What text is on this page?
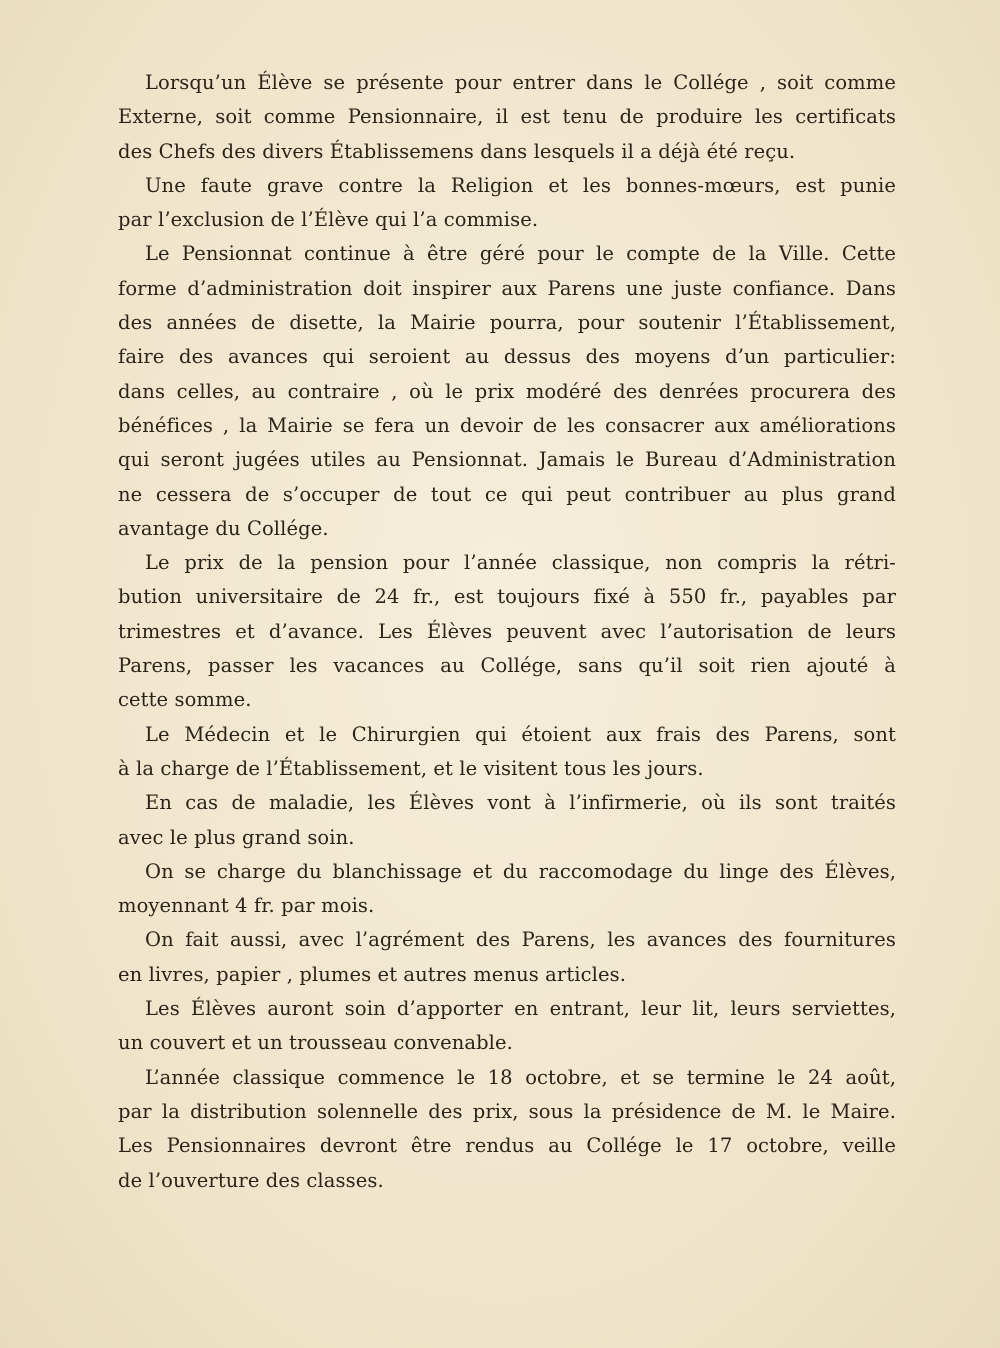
Lorsqu’un Élève se présente pour entrer dans le Collége , soit comme
Externe, soit comme Pensionnaire, il est tenu de produire les certificats
des Chefs des divers Établissemens dans lesquels il a déjà été reçu.
Une faute grave contre la Religion et les bonnes-mœurs, est punie
par l’exclusion de l’Élève qui l’a commise.
Le Pensionnat continue à être géré pour le compte de la Ville. Cette
forme d’administration doit inspirer aux Parens une juste confiance. Dans
des années de disette, la Mairie pourra, pour soutenir l’Établissement,
faire des avances qui seroient au dessus des moyens d’un particulier:
dans celles, au contraire , où le prix modéré des denrées procurera des
bénéfices , la Mairie se fera un devoir de les consacrer aux améliorations
qui seront jugées utiles au Pensionnat. Jamais le Bureau d’Administration
ne cessera de s’occuper de tout ce qui peut contribuer au plus grand
avantage du Collége.
Le prix de la pension pour l’année classique, non compris la rétri-
bution universitaire de 24 fr., est toujours fixé à 550 fr., payables par
trimestres et d’avance. Les Élèves peuvent avec l’autorisation de leurs
Parens, passer les vacances au Collége, sans qu’il soit rien ajouté à
cette somme.
Le Médecin et le Chirurgien qui étoient aux frais des Parens, sont
à la charge de l’Établissement, et le visitent tous les jours.
En cas de maladie, les Élèves vont à l’infirmerie, où ils sont traités
avec le plus grand soin.
On se charge du blanchissage et du raccomodage du linge des Élèves,
moyennant 4 fr. par mois.
On fait aussi, avec l’agrément des Parens, les avances des fournitures
en livres, papier , plumes et autres menus articles.
Les Élèves auront soin d’apporter en entrant, leur lit, leurs serviettes,
un couvert et un trousseau convenable.
L’année classique commence le 18 octobre, et se termine le 24 août,
par la distribution solennelle des prix, sous la présidence de M. le Maire.
Les Pensionnaires devront être rendus au Collége le 17 octobre, veille
de l’ouverture des classes.
